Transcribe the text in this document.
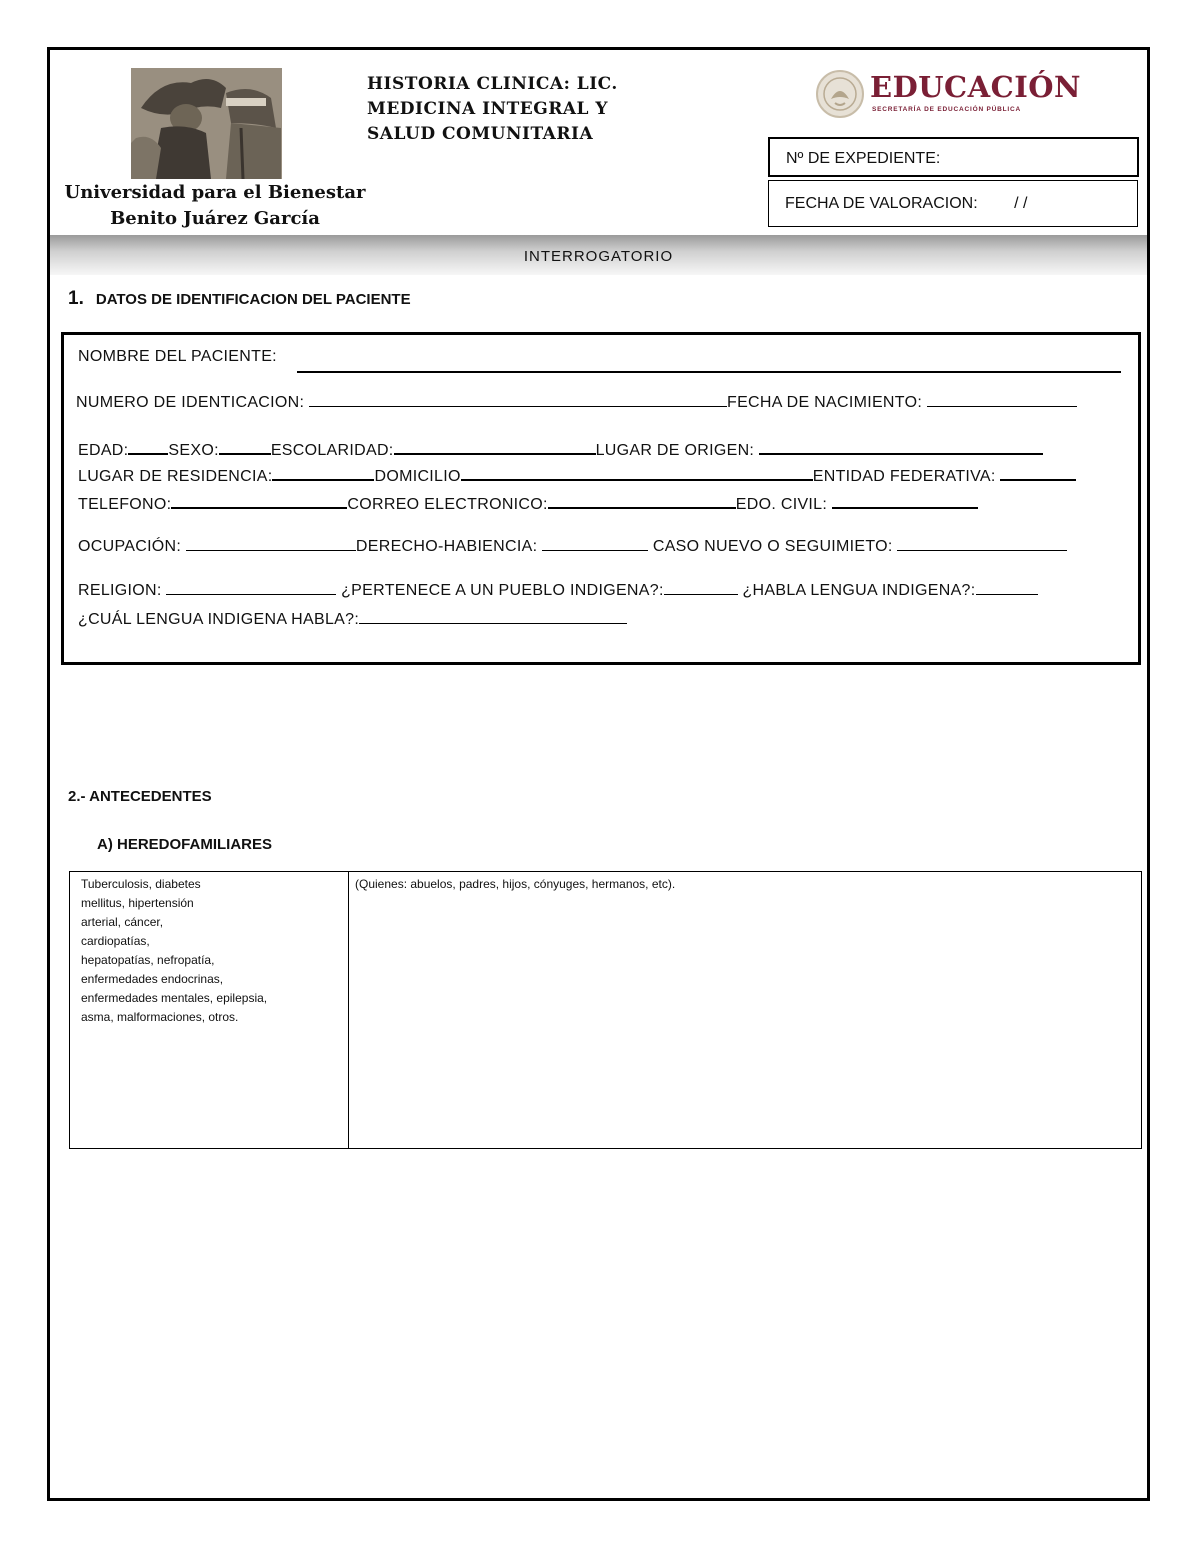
Universidad para el Bienestar
Benito Juárez García
HISTORIA CLINICA: LIC.
MEDICINA INTEGRAL Y
SALUD COMUNITARIA
EDUCACIÓN
SECRETARÍA DE EDUCACIÓN PÚBLICA
Nº DE EXPEDIENTE:
FECHA DE VALORACION: / /
INTERROGATORIO
1. DATOS DE IDENTIFICACION DEL PACIENTE
NOMBRE DEL PACIENTE:
NUMERO DE IDENTICACION:	FECHA DE NACIMIENTO:
EDAD:	SEXO:	ESCOLARIDAD:	LUGAR DE ORIGEN:
LUGAR DE RESIDENCIA:	DOMICILIO	ENTIDAD FEDERATIVA:
TELEFONO:	CORREO ELECTRONICO:	EDO. CIVIL:
OCUPACIÓN:	DERECHO-HABIENCIA:	CASO NUEVO O SEGUIMIETO:
RELIGION:	¿PERTENECE A UN PUEBLO INDIGENA?:	¿HABLA LENGUA INDIGENA?:
¿CUÁL LENGUA INDIGENA HABLA?:
2.- ANTECEDENTES
A) HEREDOFAMILIARES
Tuberculosis, diabetes
mellitus, hipertensión
arterial, cáncer,
cardiopatías,
hepatopatías, nefropatía,
enfermedades endocrinas,
enfermedades mentales, epilepsia,
asma, malformaciones, otros.
(Quienes: abuelos, padres, hijos, cónyuges, hermanos, etc).
